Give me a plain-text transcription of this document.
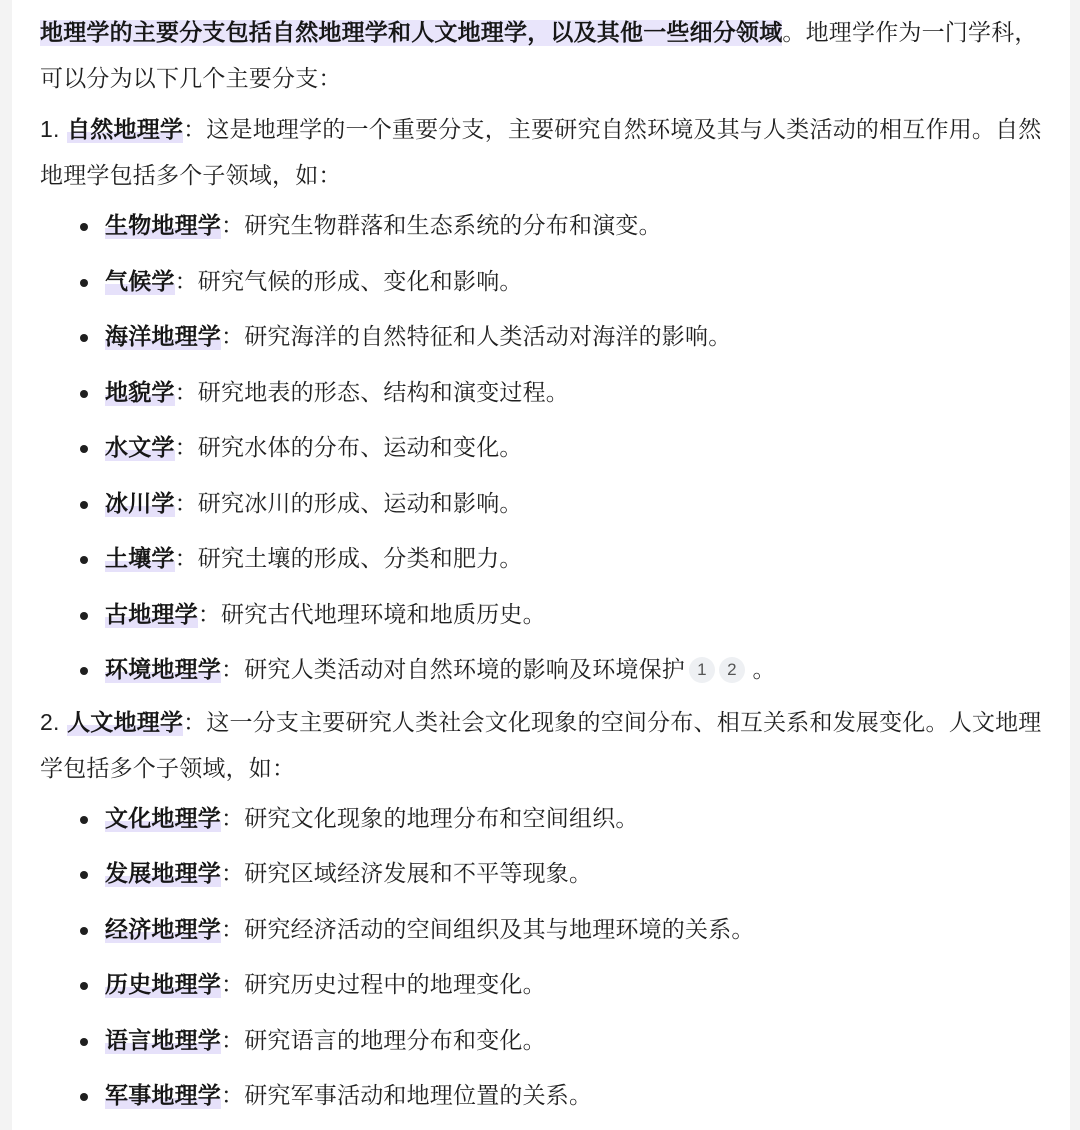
地理学的主要分支包括自然地理学和人文地理学，以及其他一些细分领域。地理学作为一门学科，可以分为以下几个主要分支：

1. 自然地理学：这是地理学的一个重要分支，主要研究自然环境及其与人类活动的相互作用。自然地理学包括多个子领域，如：

生物地理学：研究生物群落和生态系统的分布和演变。
气候学：研究气候的形成、变化和影响。
海洋地理学：研究海洋的自然特征和人类活动对海洋的影响。
地貌学：研究地表的形态、结构和演变过程。
水文学：研究水体的分布、运动和变化。
冰川学：研究冰川的形成、运动和影响。
土壤学：研究土壤的形成、分类和肥力。
古地理学：研究古代地理环境和地质历史。
环境地理学：研究人类活动对自然环境的影响及环境保护 1 2 。

2. 人文地理学：这一分支主要研究人类社会文化现象的空间分布、相互关系和发展变化。人文地理学包括多个子领域，如：

文化地理学：研究文化现象的地理分布和空间组织。
发展地理学：研究区域经济发展和不平等现象。
经济地理学：研究经济活动的空间组织及其与地理环境的关系。
历史地理学：研究历史过程中的地理变化。
语言地理学：研究语言的地理分布和变化。
军事地理学：研究军事活动和地理位置的关系。
